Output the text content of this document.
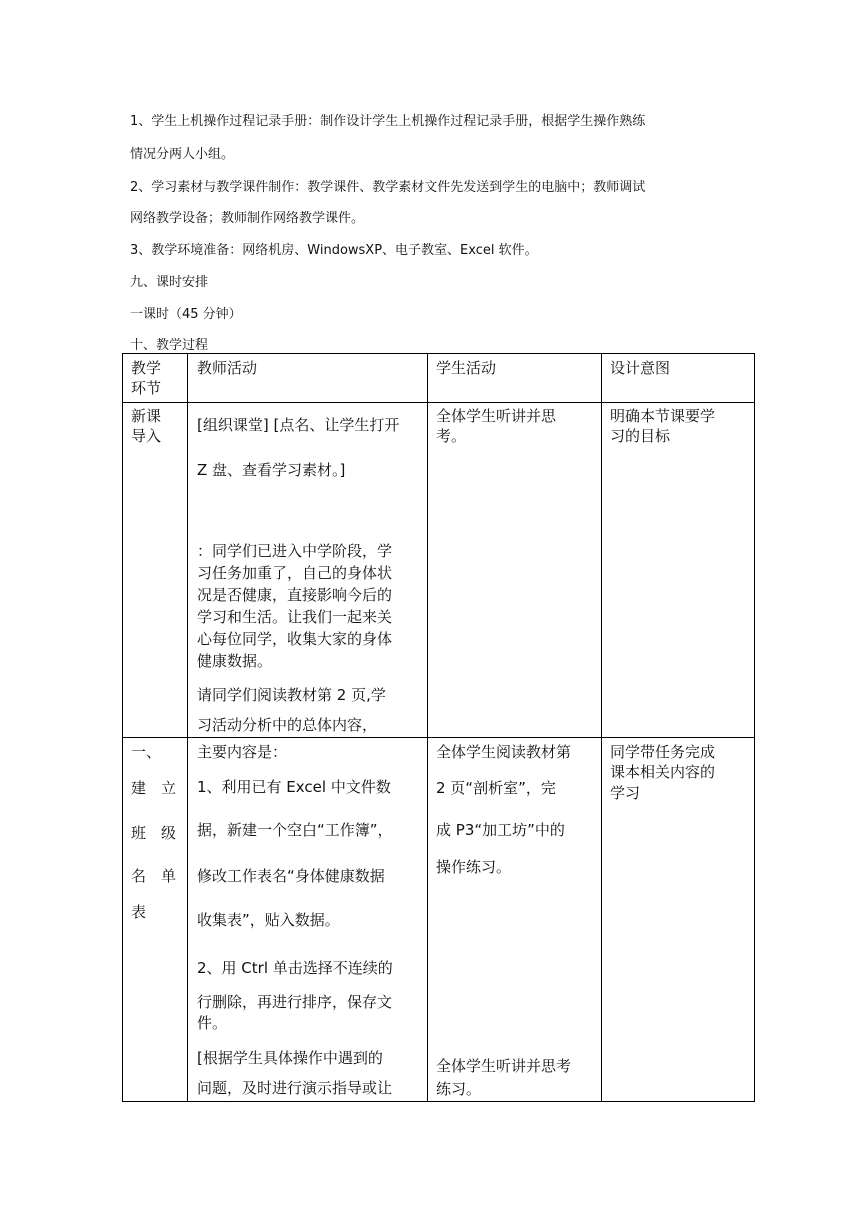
1、学生上机操作过程记录手册：制作设计学生上机操作过程记录手册，根据学生操作熟练
情况分两人小组。
2、学习素材与教学课件制作：教学课件、教学素材文件先发送到学生的电脑中；教师调试
网络教学设备；教师制作网络教学课件。
3、教学环境准备：网络机房、WindowsXP、电子教室、Excel 软件。
九、课时安排
一课时（45 分钟）
十、教学过程
教学
环节
教师活动	学生活动	设计意图
新课
导入
[组织课堂] [点名、让学生打开
Z 盘、查看学习素材。]
：同学们已进入中学阶段，学
习任务加重了，自己的身体状
况是否健康，直接影响今后的
学习和生活。让我们一起来关
心每位同学，收集大家的身体
健康数据。
请同学们阅读教材第 2 页,学
习活动分析中的总体内容，
全体学生听讲并思
考。
明确本节课要学
习的目标
一、
建　立
班　级
名　单
表
主要内容是：
1、利用已有 Excel 中文件数
据，新建一个空白“工作簿”，
修改工作表名“身体健康数据
收集表”，贴入数据。
2、用 Ctrl 单击选择不连续的
行删除，再进行排序，保存文
件。
[根据学生具体操作中遇到的
问题，及时进行演示指导或让
全体学生阅读教材第
2 页“剖析室”，完
成 P3“加工坊”中的
操作练习。
全体学生听讲并思考
练习。
同学带任务完成
课本相关内容的
学习
